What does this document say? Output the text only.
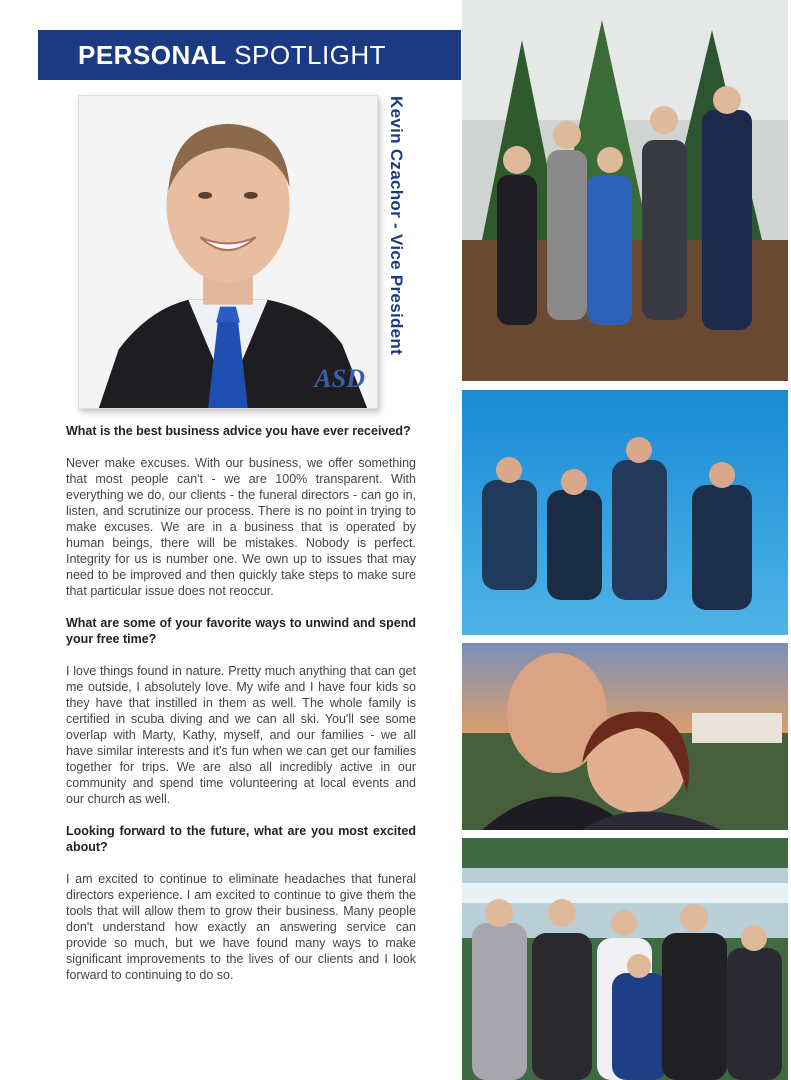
PERSONAL SPOTLIGHT
ASD
Kevin Czachor - Vice President

What is the best business advice you have ever received?

Never make excuses. With our business, we offer something that most people can't - we are 100% transparent. With everything we do, our clients - the funeral directors - can go in, listen, and scrutinize our process. There is no point in trying to make excuses. We are in a business that is operated by human beings, there will be mistakes. Nobody is perfect. Integrity for us is number one. We own up to issues that may need to be improved and then quickly take steps to make sure that particular issue does not reoccur.

What are some of your favorite ways to unwind and spend your free time?

I love things found in nature. Pretty much anything that can get me outside, I absolutely love. My wife and I have four kids so they have that instilled in them as well. The whole family is certified in scuba diving and we can all ski. You'll see some overlap with Marty, Kathy, myself, and our families - we all have similar interests and it's fun when we can get our families together for trips. We are also all incredibly active in our community and spend time volunteering at local events and our church as well.

Looking forward to the future, what are you most excited about?

I am excited to continue to eliminate headaches that funeral directors experience. I am excited to continue to give them the tools that will allow them to grow their business. Many people don't understand how exactly an answering service can provide so much, but we have found many ways to make significant improvements to the lives of our clients and I look forward to continuing to do so.
